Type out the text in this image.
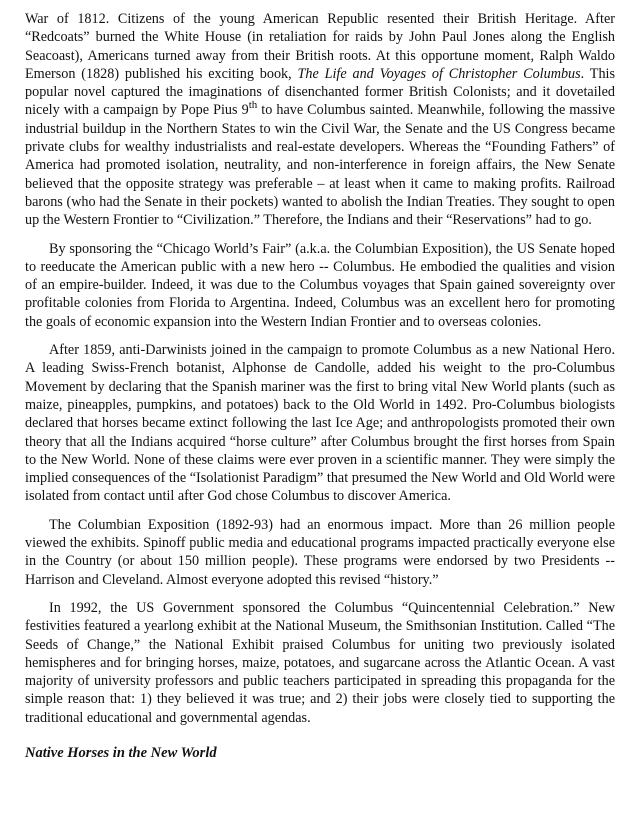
War of 1812. Citizens of the young American Republic resented their British Heritage. After “Redcoats” burned the White House (in retaliation for raids by John Paul Jones along the English Seacoast), Americans turned away from their British roots. At this opportune moment, Ralph Waldo Emerson (1828) published his exciting book, The Life and Voyages of Christopher Columbus. This popular novel captured the imaginations of disenchanted former British Colonists; and it dovetailed nicely with a campaign by Pope Pius 9th to have Columbus sainted. Meanwhile, following the massive industrial buildup in the Northern States to win the Civil War, the Senate and the US Congress became private clubs for wealthy industrialists and real-estate developers. Whereas the “Founding Fathers” of America had promoted isolation, neutrality, and non-interference in foreign affairs, the New Senate believed that the opposite strategy was preferable – at least when it came to making profits. Railroad barons (who had the Senate in their pockets) wanted to abolish the Indian Treaties. They sought to open up the Western Frontier to “Civilization.” Therefore, the Indians and their “Reservations” had to go.

By sponsoring the “Chicago World’s Fair” (a.k.a. the Columbian Exposition), the US Senate hoped to reeducate the American public with a new hero -- Columbus. He embodied the qualities and vision of an empire-builder. Indeed, it was due to the Columbus voyages that Spain gained sovereignty over profitable colonies from Florida to Argentina. Indeed, Columbus was an excellent hero for promoting the goals of economic expansion into the Western Indian Frontier and to overseas colonies.

After 1859, anti-Darwinists joined in the campaign to promote Columbus as a new National Hero. A leading Swiss-French botanist, Alphonse de Candolle, added his weight to the pro-Columbus Movement by declaring that the Spanish mariner was the first to bring vital New World plants (such as maize, pineapples, pumpkins, and potatoes) back to the Old World in 1492. Pro-Columbus biologists declared that horses became extinct following the last Ice Age; and anthropologists promoted their own theory that all the Indians acquired “horse culture” after Columbus brought the first horses from Spain to the New World. None of these claims were ever proven in a scientific manner. They were simply the implied consequences of the “Isolationist Paradigm” that presumed the New World and Old World were isolated from contact until after God chose Columbus to discover America.

The Columbian Exposition (1892-93) had an enormous impact. More than 26 million people viewed the exhibits. Spinoff public media and educational programs impacted practically everyone else in the Country (or about 150 million people). These programs were endorsed by two Presidents -- Harrison and Cleveland. Almost everyone adopted this revised “history.”

In 1992, the US Government sponsored the Columbus “Quincentennial Celebration.” New festivities featured a yearlong exhibit at the National Museum, the Smithsonian Institution. Called “The Seeds of Change,” the National Exhibit praised Columbus for uniting two previously isolated hemispheres and for bringing horses, maize, potatoes, and sugarcane across the Atlantic Ocean. A vast majority of university professors and public teachers participated in spreading this propaganda for the simple reason that: 1) they believed it was true; and 2) their jobs were closely tied to supporting the traditional educational and governmental agendas.

Native Horses in the New World
